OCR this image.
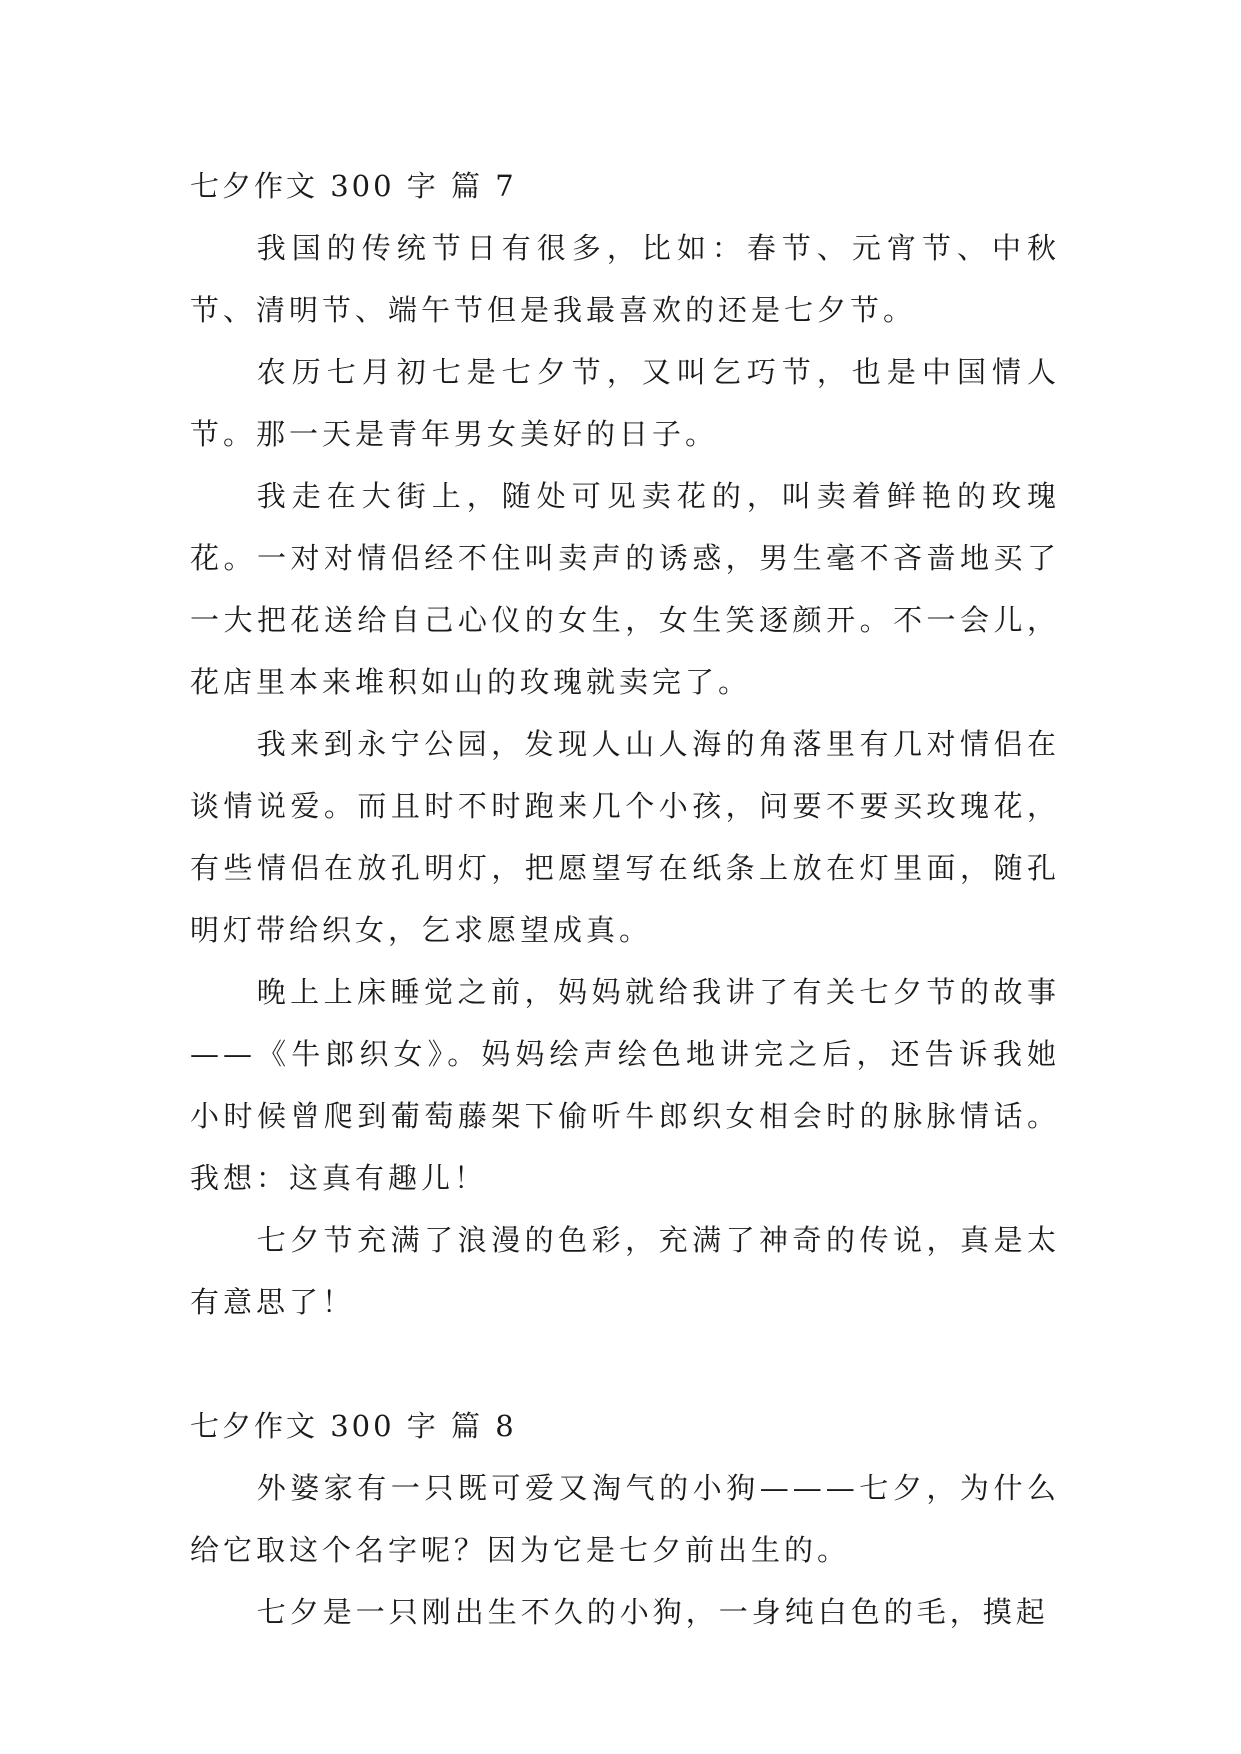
七夕作文 300 字 篇 7

我国的传统节日有很多，比如：春节、元宵节、中秋节、清明节、端午节但是我最喜欢的还是七夕节。

农历七月初七是七夕节，又叫乞巧节，也是中国情人节。那一天是青年男女美好的日子。

我走在大街上，随处可见卖花的，叫卖着鲜艳的玫瑰花。一对对情侣经不住叫卖声的诱惑，男生毫不吝啬地买了一大把花送给自己心仪的女生，女生笑逐颜开。不一会儿，花店里本来堆积如山的玫瑰就卖完了。

我来到永宁公园，发现人山人海的角落里有几对情侣在谈情说爱。而且时不时跑来几个小孩，问要不要买玫瑰花，有些情侣在放孔明灯，把愿望写在纸条上放在灯里面，随孔明灯带给织女，乞求愿望成真。

晚上上床睡觉之前，妈妈就给我讲了有关七夕节的故事——《牛郎织女》。妈妈绘声绘色地讲完之后，还告诉我她小时候曾爬到葡萄藤架下偷听牛郎织女相会时的脉脉情话。我想：这真有趣儿！

七夕节充满了浪漫的色彩，充满了神奇的传说，真是太有意思了！

七夕作文 300 字 篇 8

外婆家有一只既可爱又淘气的小狗———七夕，为什么给它取这个名字呢？因为它是七夕前出生的。

七夕是一只刚出生不久的小狗，一身纯白色的毛，摸起
